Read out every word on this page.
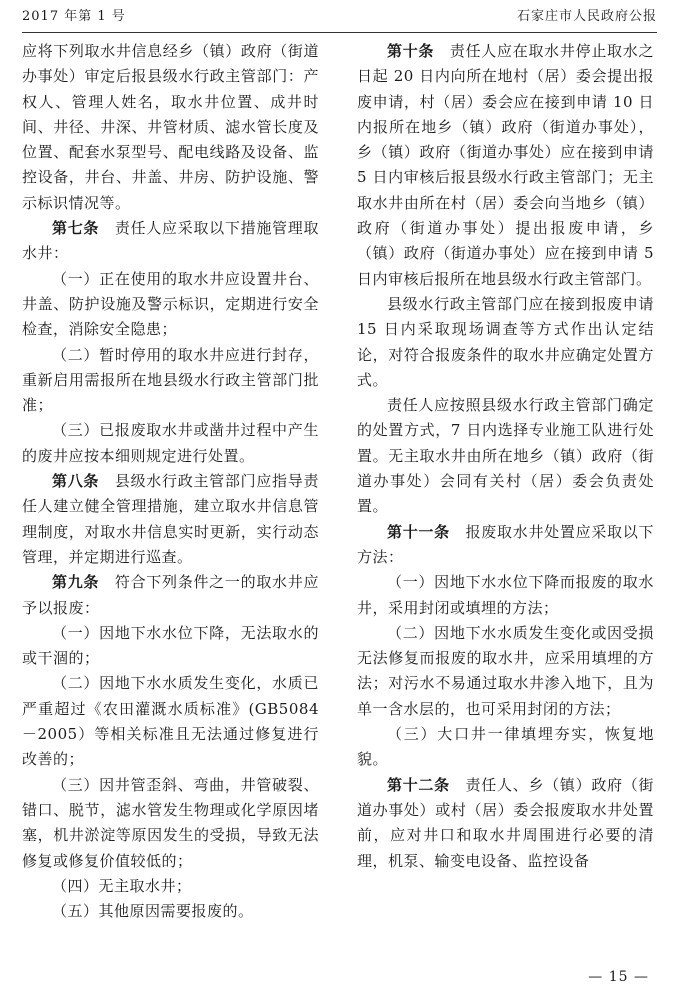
2017 年第 1 号	石家庄市人民政府公报

应将下列取水井信息经乡（镇）政府（街道办事处）审定后报县级水行政主管部门：产权人、管理人姓名，取水井位置、成井时间、井径、井深、井管材质、滤水管长度及位置、配套水泵型号、配电线路及设备、监控设备，井台、井盖、井房、防护设施、警示标识情况等。

第七条　责任人应采取以下措施管理取水井：

（一）正在使用的取水井应设置井台、井盖、防护设施及警示标识，定期进行安全检查，消除安全隐患；

（二）暂时停用的取水井应进行封存，重新启用需报所在地县级水行政主管部门批准；

（三）已报废取水井或凿井过程中产生的废井应按本细则规定进行处置。

第八条　县级水行政主管部门应指导责任人建立健全管理措施，建立取水井信息管理制度，对取水井信息实时更新，实行动态管理，并定期进行巡查。

第九条　符合下列条件之一的取水井应予以报废：

（一）因地下水水位下降，无法取水的或干涸的；

（二）因地下水水质发生变化，水质已严重超过《农田灌溉水质标准》(GB5084－2005）等相关标准且无法通过修复进行改善的；

（三）因井管歪斜、弯曲，井管破裂、错口、脱节，滤水管发生物理或化学原因堵塞，机井淤淀等原因发生的受损，导致无法修复或修复价值较低的；

（四）无主取水井；

（五）其他原因需要报废的。

第十条　责任人应在取水井停止取水之日起 20 日内向所在地村（居）委会提出报废申请，村（居）委会应在接到申请 10 日内报所在地乡（镇）政府（街道办事处），乡（镇）政府（街道办事处）应在接到申请 5 日内审核后报县级水行政主管部门；无主取水井由所在村（居）委会向当地乡（镇）政府（街道办事处）提出报废申请，乡（镇）政府（街道办事处）应在接到申请 5 日内审核后报所在地县级水行政主管部门。

县级水行政主管部门应在接到报废申请 15 日内采取现场调查等方式作出认定结论，对符合报废条件的取水井应确定处置方式。

责任人应按照县级水行政主管部门确定的处置方式，7 日内选择专业施工队进行处置。无主取水井由所在地乡（镇）政府（街道办事处）会同有关村（居）委会负责处置。

第十一条　报废取水井处置应采取以下方法：

（一）因地下水水位下降而报废的取水井，采用封闭或填埋的方法；

（二）因地下水水质发生变化或因受损无法修复而报废的取水井，应采用填埋的方法；对污水不易通过取水井渗入地下，且为单一含水层的，也可采用封闭的方法；

（三）大口井一律填埋夯实，恢复地貌。

第十二条　责任人、乡（镇）政府（街道办事处）或村（居）委会报废取水井处置前，应对井口和取水井周围进行必要的清理，机泵、输变电设备、监控设备

— 15 —
